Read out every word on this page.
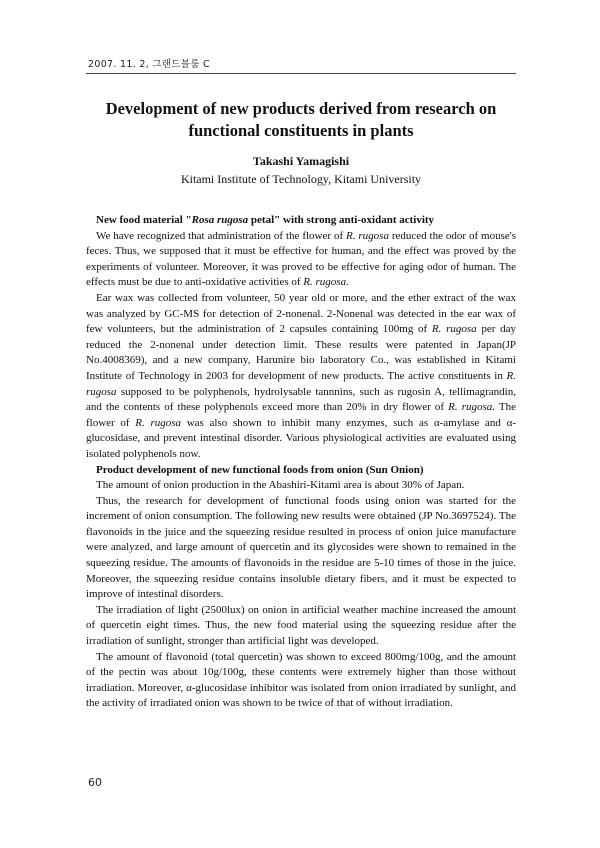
2007. 11. 2, 그랜드볼룸 C
Development of new products derived from research on
functional constituents in plants
Takashi Yamagishi
Kitami Institute of Technology, Kitami University
New food material "Rosa rugosa petal" with strong anti-oxidant activity

We have recognized that administration of the flower of R. rugosa reduced the odor of mouse's feces. Thus, we supposed that it must be effective for human, and the effect was proved by the experiments of volunteer. Moreover, it was proved to be effective for aging odor of human. The effects must be due to anti-oxidative activities of R. rugosa.

Ear wax was collected from volunteer, 50 year old or more, and the ether extract of the wax was analyzed by GC-MS for detection of 2-nonenal. 2-Nonenal was detected in the ear wax of few volunteers, but the administration of 2 capsules containing 100mg of R. rugosa per day reduced the 2-nonenal under detection limit. These results were patented in Japan(JP No.4008369), and a new company, Harunire bio laboratory Co., was established in Kitami Institute of Technology in 2003 for development of new products. The active constituents in R. rugosa supposed to be polyphenols, hydrolysable tannnins, such as rugosin A, tellimagrandin, and the contents of these polyphenols exceed more than 20% in dry flower of R. rugosa. The flower of R. rugosa was also shown to inhibit many enzymes, such as α-amylase and α-glucosidase, and prevent intestinal disorder. Various physiological activities are evaluated using isolated polyphenols now.

Product development of new functional foods from onion (Sun Onion)

The amount of onion production in the Abashiri-Kitami area is about 30% of Japan.

Thus, the research for development of functional foods using onion was started for the increment of onion consumption. The following new results were obtained (JP No.3697524). The flavonoids in the juice and the squeezing residue resulted in process of onion juice manufacture were analyzed, and large amount of quercetin and its glycosides were shown to remained in the squeezing residue. The amounts of flavonoids in the residue are 5-10 times of those in the juice. Moreover, the squeezing residue contains insoluble dietary fibers, and it must be expected to improve of intestinal disorders.

The irradiation of light (2500lux) on onion in artificial weather machine increased the amount of quercetin eight times. Thus, the new food material using the squeezing residue after the irradiation of sunlight, stronger than artificial light was developed.

The amount of flavonoid (total quercetin) was shown to exceed 800mg/100g, and the amount of the pectin was about 10g/100g, these contents were extremely higher than those without irradiation. Moreover, α-glucosidase inhibitor was isolated from onion irradiated by sunlight, and the activity of irradiated onion was shown to be twice of that of without irradiation.

60
